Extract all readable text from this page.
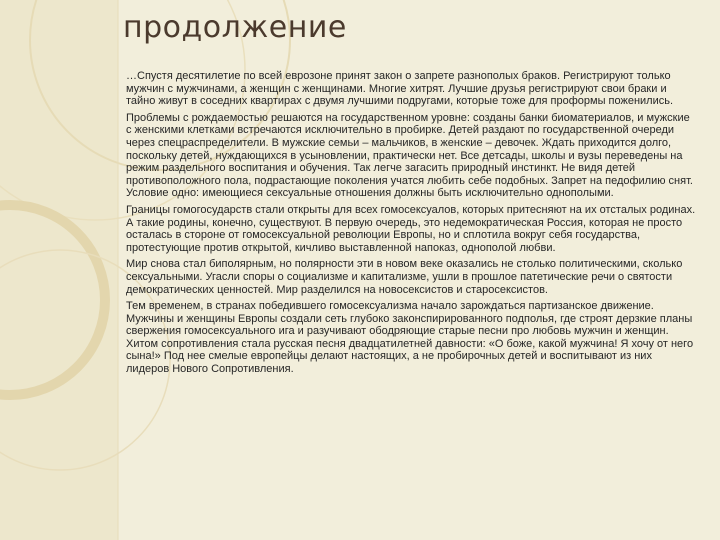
продолжение

…Спустя десятилетие по всей еврозоне принят закон о запрете разнополых браков. Регистрируют только мужчин с мужчинами, а женщин с женщинами. Многие хитрят. Лучшие друзья регистрируют свои браки и тайно живут в соседних квартирах с двумя лучшими подругами, которые тоже для проформы поженились.

Проблемы с рождаемостью решаются на государственном уровне: созданы банки биоматериалов, и мужские с женскими клетками встречаются исключительно в пробирке. Детей раздают по государственной очереди через спецраспределители. В мужские семьи – мальчиков, в женские – девочек. Ждать приходится долго, поскольку детей, нуждающихся в усыновлении, практически нет. Все детсады, школы и вузы переведены на режим раздельного воспитания и обучения. Так легче загасить природный инстинкт. Не видя детей противоположного пола, подрастающие поколения учатся любить себе подобных. Запрет на педофилию снят. Условие одно: имеющиеся сексуальные отношения должны быть исключительно однополыми.

Границы гомогосударств стали открыты для всех гомосексуалов, которых притесняют на их отсталых родинах. А такие родины, конечно, существуют. В первую очередь, это недемократическая Россия, которая не просто осталась в стороне от гомосексуальной революции Европы, но и сплотила вокруг себя государства, протестующие против открытой, кичливо выставленной напоказ, однополой любви.

Мир снова стал биполярным, но полярности эти в новом веке оказались не столько политическими, сколько сексуальными. Угасли споры о социализме и капитализме, ушли в прошлое патетические речи о святости демократических ценностей. Мир разделился на новосексистов и старосексистов.

Тем временем, в странах победившего гомосексуализма начало зарождаться партизанское движение. Мужчины и женщины Европы создали сеть глубоко законспирированного подполья, где строят дерзкие планы свержения гомосексуального ига и разучивают ободряющие старые песни про любовь мужчин и женщин. Хитом сопротивления стала русская песня двадцатилетней давности: «О боже, какой мужчина! Я хочу от него сына!» Под нее смелые европейцы делают настоящих, а не пробирочных детей и воспитывают из них лидеров Нового Сопротивления.
